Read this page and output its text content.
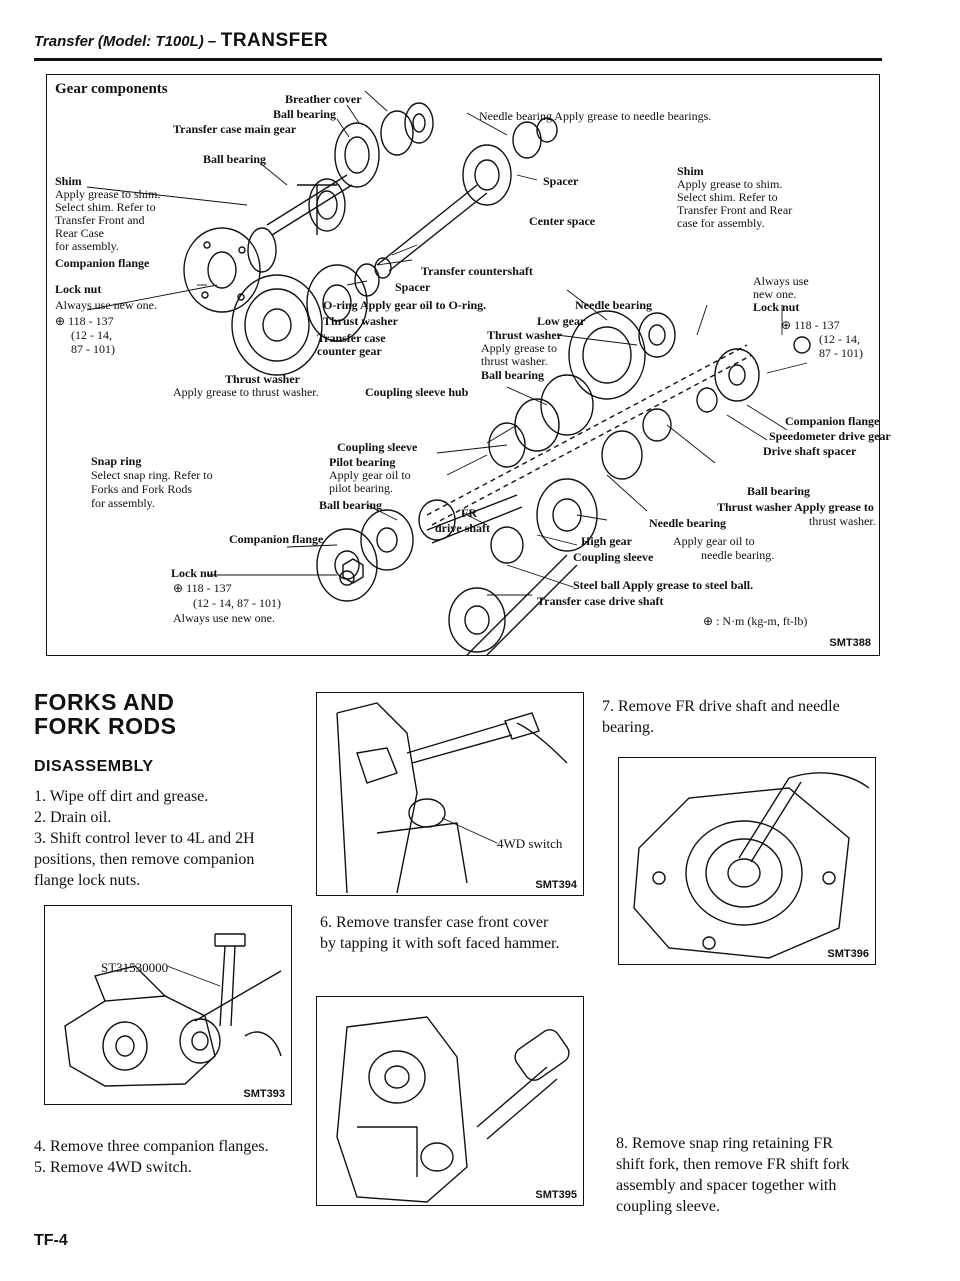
Transfer (Model: T100L) – TRANSFER
Gear components
Breather cover
Ball bearing
Transfer case main gear
Needle bearing Apply grease to needle bearings.
Ball bearing
Spacer
Shim
Apply grease to shim.
Select shim. Refer to
Transfer Front and
Rear Case
for assembly.
Center space
Shim
Apply grease to shim.
Select shim. Refer to
Transfer Front and Rear
case for assembly.
Companion flange
Transfer countershaft
Spacer
Lock nut
Always use new one.
⊕ 118 - 137
(12 - 14,
87 - 101)
O-ring Apply gear oil to O-ring.	Needle bearing
Always use
new one.
Lock nut
⊕ 118 - 137
(12 - 14,
87 - 101)
Thrust washer	Low gear
Thrust washer
Apply grease to
thrust washer.
Transfer case
counter gear
Ball bearing
Thrust washer
Apply grease to thrust washer.	Coupling sleeve hub
Companion flange
Speedometer drive gear
Drive shaft spacer
Snap ring
Select snap ring. Refer to
Forks and Fork Rods
for assembly.
Coupling sleeve
Pilot bearing
Apply gear oil to
pilot bearing.	Ball bearing
Thrust washer Apply grease to
thrust washer.
Ball bearing
FR
drive shaft	Needle bearing
Companion flange	High gear	Apply gear oil to
needle bearing.
Coupling sleeve
Lock nut
⊕ 118 - 137
(12 - 14, 87 - 101)
Always use new one.
Steel ball Apply grease to steel ball.
Transfer case drive shaft
⊕ : N·m (kg-m, ft-lb)
SMT388
FORKS AND
FORK RODS
DISASSEMBLY
1. Wipe off dirt and grease.
2. Drain oil.
3. Shift control lever to 4L and 2H
positions, then remove companion
flange lock nuts.
ST31530000
SMT393
4. Remove three companion flanges.
5. Remove 4WD switch.
4WD switch
SMT394
6. Remove transfer case front cover
by tapping it with soft faced hammer.
SMT395
7. Remove FR drive shaft and needle
bearing.
SMT396
8. Remove snap ring retaining FR
shift fork, then remove FR shift fork
assembly and spacer together with
coupling sleeve.
TF-4
